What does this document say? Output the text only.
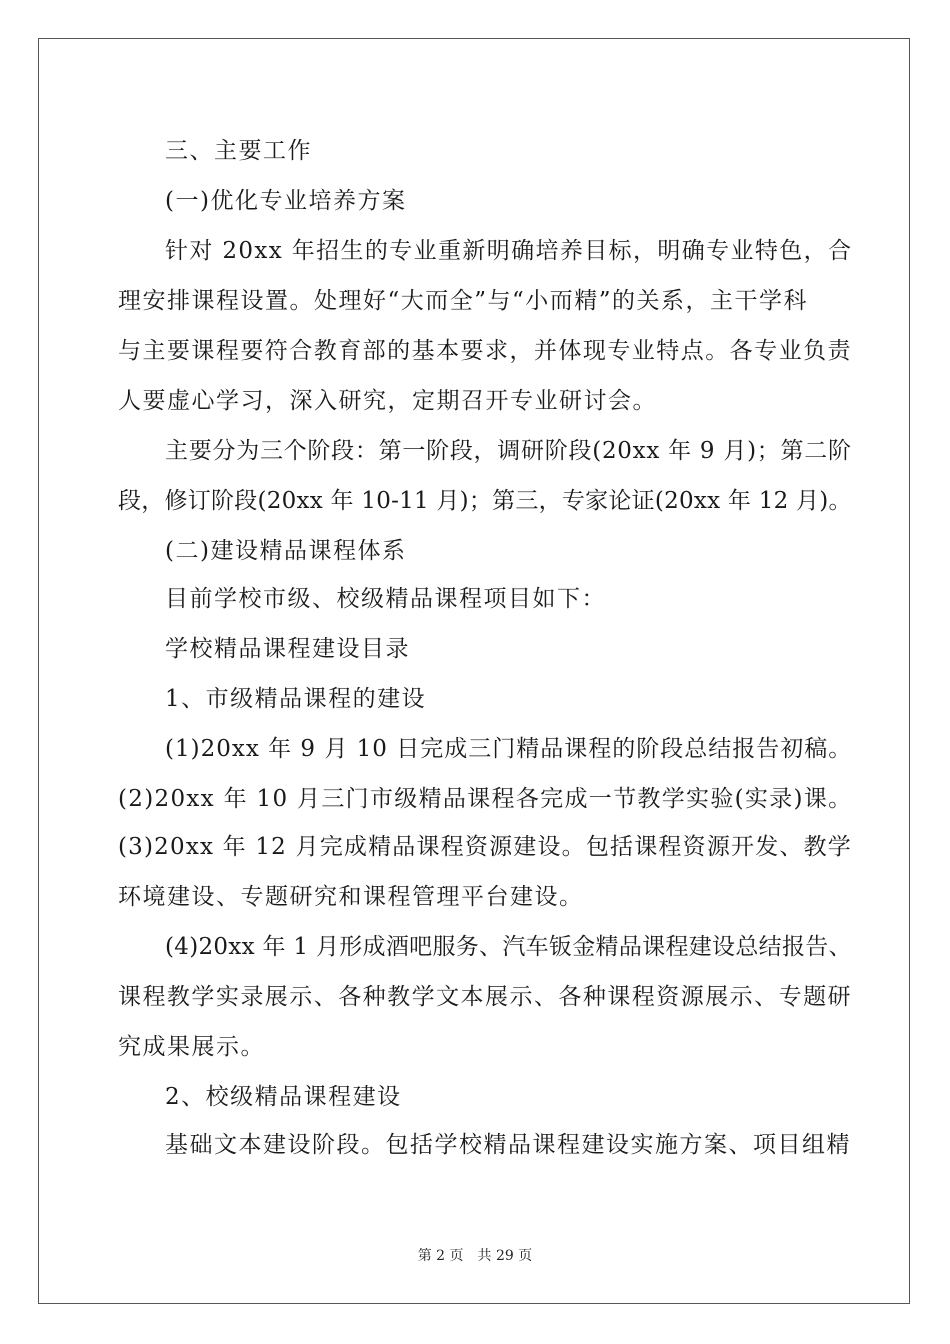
三、主要工作
(一)优化专业培养方案
针对 20xx 年招生的专业重新明确培养目标，明确专业特色，合
理安排课程设置。处理好“大而全”与“小而精”的关系，主干学科
与主要课程要符合教育部的基本要求，并体现专业特点。各专业负责
人要虚心学习，深入研究，定期召开专业研讨会。
主要分为三个阶段：第一阶段，调研阶段(20xx 年 9 月)；第二阶
段，修订阶段(20xx 年 10-11 月)；第三，专家论证(20xx 年 12 月)。
(二)建设精品课程体系
目前学校市级、校级精品课程项目如下：
学校精品课程建设目录
1、市级精品课程的建设
(1)20xx 年 9 月 10 日完成三门精品课程的阶段总结报告初稿。
(2)20xx 年 10 月三门市级精品课程各完成一节教学实验(实录)课。
(3)20xx 年 12 月完成精品课程资源建设。包括课程资源开发、教学
环境建设、专题研究和课程管理平台建设。
(4)20xx 年 1 月形成酒吧服务、汽车钣金精品课程建设总结报告、
课程教学实录展示、各种教学文本展示、各种课程资源展示、专题研
究成果展示。
2、校级精品课程建设
基础文本建设阶段。包括学校精品课程建设实施方案、项目组精
第 2 页 共 29 页
